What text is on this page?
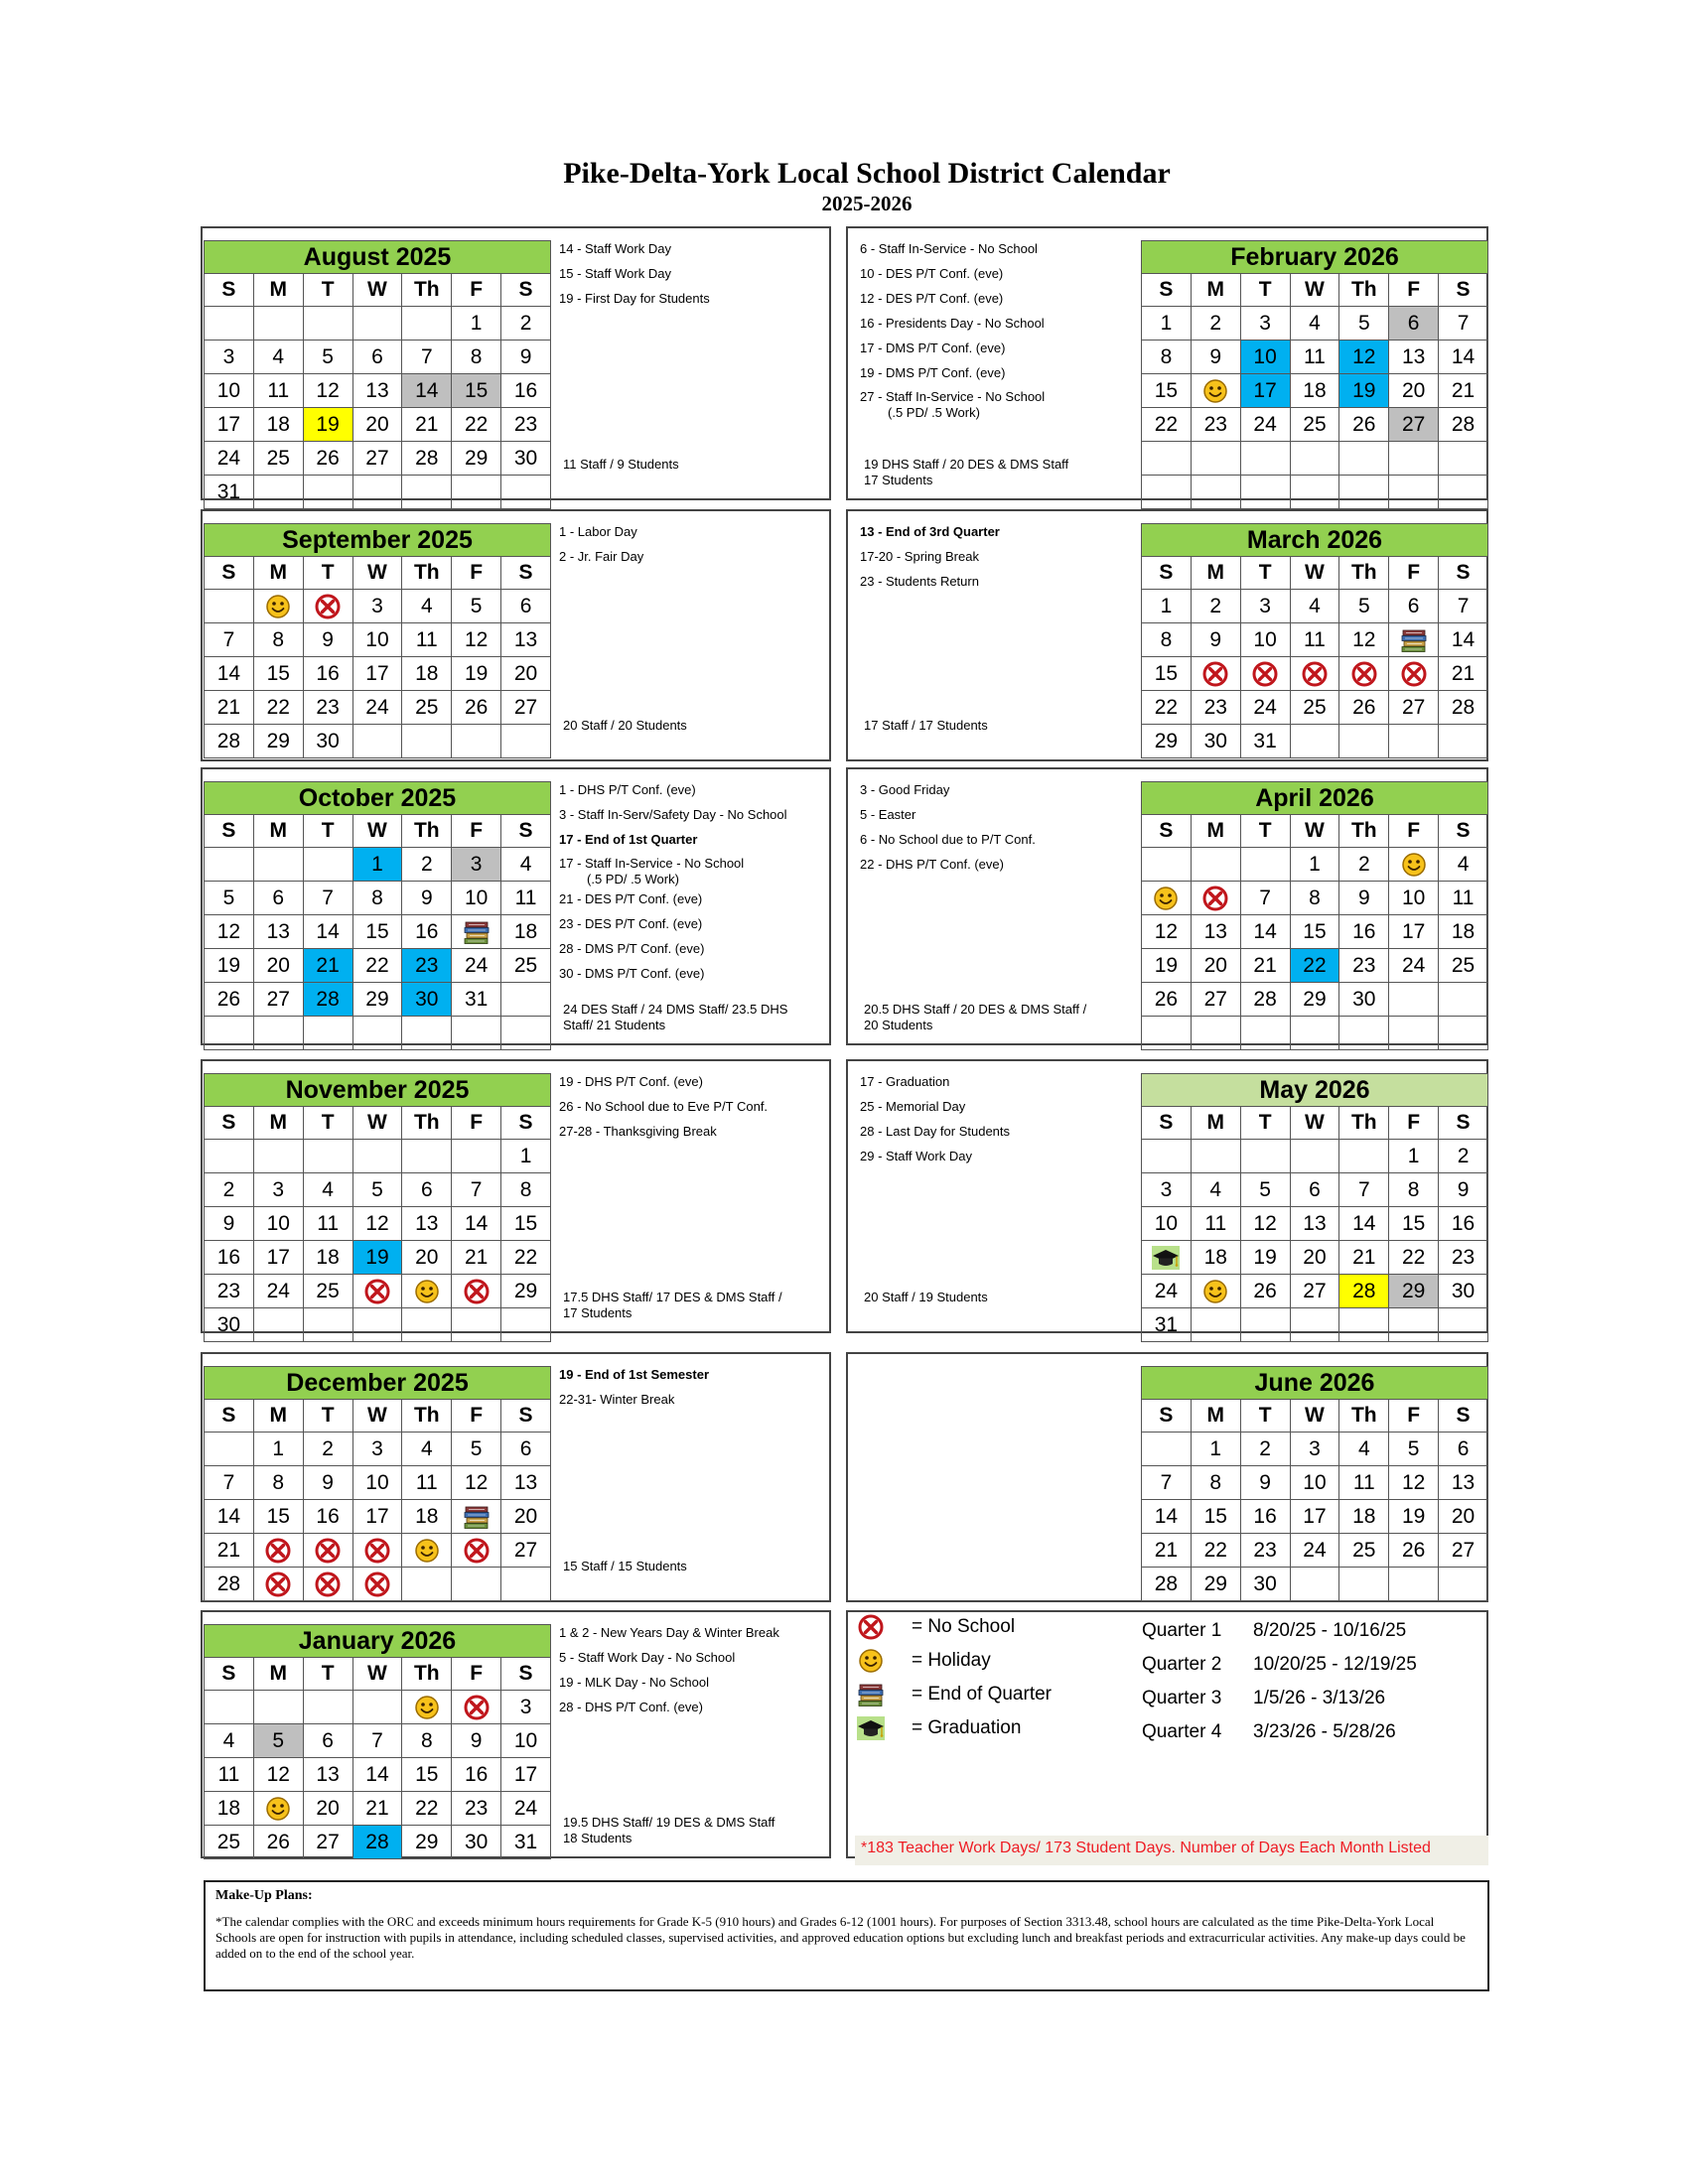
Pike-Delta-York Local School District Calendar
2025-2026
August 2025						
S	M	T	W	Th	F	S
					1	2
3	4	5	6	7	8	9
10	11	12	13	14	15	16
17	18	19	20	21	22	23
24	25	26	27	28	29	30
31						
14 - Staff Work Day
15 - Staff Work Day
19 - First Day for Students
11 Staff / 9 Students
February 2026						
S	M	T	W	Th	F	S
1	2	3	4	5	6	7
8	9	10	11	12	13	14
15		17	18	19	20	21
22	23	24	25	26	27	28

6 - Staff In-Service - No School
10 - DES P/T Conf. (eve)
12 - DES P/T Conf. (eve)
16 - Presidents Day - No School
17 - DMS P/T Conf. (eve)
19 - DMS P/T Conf. (eve)
27 - Staff In-Service - No School
(.5 PD/ .5 Work)
19 DHS Staff / 20 DES & DMS Staff
17 Students
September 2025						
S	M	T	W	Th	F	S
			3	4	5	6
7	8	9	10	11	12	13
14	15	16	17	18	19	20
21	22	23	24	25	26	27
28	29	30				
1 - Labor Day
2 - Jr. Fair Day
20 Staff / 20 Students
March 2026						
S	M	T	W	Th	F	S
1	2	3	4	5	6	7
8	9	10	11	12		14
15						21
22	23	24	25	26	27	28
29	30	31				
13 - End of 3rd Quarter
17-20 - Spring Break
23 - Students Return
17 Staff / 17 Students
October 2025						
S	M	T	W	Th	F	S
			1	2	3	4
5	6	7	8	9	10	11
12	13	14	15	16		18
19	20	21	22	23	24	25
26	27	28	29	30	31	

1 - DHS P/T Conf. (eve)
3 - Staff In-Serv/Safety Day - No School
17 - End of 1st Quarter
17 - Staff In-Service - No School
(.5 PD/ .5 Work)
21 - DES P/T Conf. (eve)
23 - DES P/T Conf. (eve)
28 - DMS P/T Conf. (eve)
30 - DMS P/T Conf. (eve)
24 DES Staff / 24 DMS Staff/ 23.5 DHS
Staff/ 21 Students
April 2026						
S	M	T	W	Th	F	S
			1	2		4
		7	8	9	10	11
12	13	14	15	16	17	18
19	20	21	22	23	24	25
26	27	28	29	30		

3 - Good Friday
5 - Easter
6 - No School due to P/T Conf.
22 - DHS P/T Conf. (eve)
20.5 DHS Staff / 20 DES & DMS Staff /
20 Students
November 2025						
S	M	T	W	Th	F	S
						1
2	3	4	5	6	7	8
9	10	11	12	13	14	15
16	17	18	19	20	21	22
23	24	25				29
30						
19 - DHS P/T Conf. (eve)
26 - No School due to Eve P/T Conf.
27-28 - Thanksgiving Break
17.5 DHS Staff/ 17 DES & DMS Staff /
17 Students
May 2026						
S	M	T	W	Th	F	S
					1	2
3	4	5	6	7	8	9
10	11	12	13	14	15	16
	18	19	20	21	22	23
24		26	27	28	29	30
31						
17 - Graduation
25 - Memorial Day
28 - Last Day for Students
29 - Staff Work Day
20 Staff / 19 Students
December 2025						
S	M	T	W	Th	F	S
	1	2	3	4	5	6
7	8	9	10	11	12	13
14	15	16	17	18		20
21						27
28						
19 - End of 1st Semester
22-31- Winter Break
15 Staff / 15 Students
June 2026						
S	M	T	W	Th	F	S
	1	2	3	4	5	6
7	8	9	10	11	12	13
14	15	16	17	18	19	20
21	22	23	24	25	26	27
28	29	30				
January 2026						
S	M	T	W	Th	F	S
						3
4	5	6	7	8	9	10
11	12	13	14	15	16	17
18		20	21	22	23	24
25	26	27	28	29	30	31
1 & 2 - New Years Day & Winter Break
5 - Staff Work Day - No School
19 - MLK Day - No School
28 - DHS P/T Conf. (eve)
19.5 DHS Staff/ 19 DES & DMS Staff
18 Students
= No School
= Holiday
= End of Quarter
= Graduation
Quarter 1 8/20/25 - 10/16/25
Quarter 2 10/20/25 - 12/19/25
Quarter 3 1/5/26 - 3/13/26
Quarter 4 3/23/26 - 5/28/26
*183 Teacher Work Days/ 173 Student Days. Number of Days Each Month Listed
Make-Up Plans:
*The calendar complies with the ORC and exceeds minimum hours requirements for Grade K-5 (910 hours) and Grades 6-12 (1001 hours). For purposes of Section 3313.48, school hours are calculated as the time Pike-Delta-York Local Schools are open for instruction with pupils in attendance, including scheduled classes, supervised activities, and approved education options but excluding lunch and breakfast periods and extracurricular activities. Any make-up days could be added on to the end of the school year.
